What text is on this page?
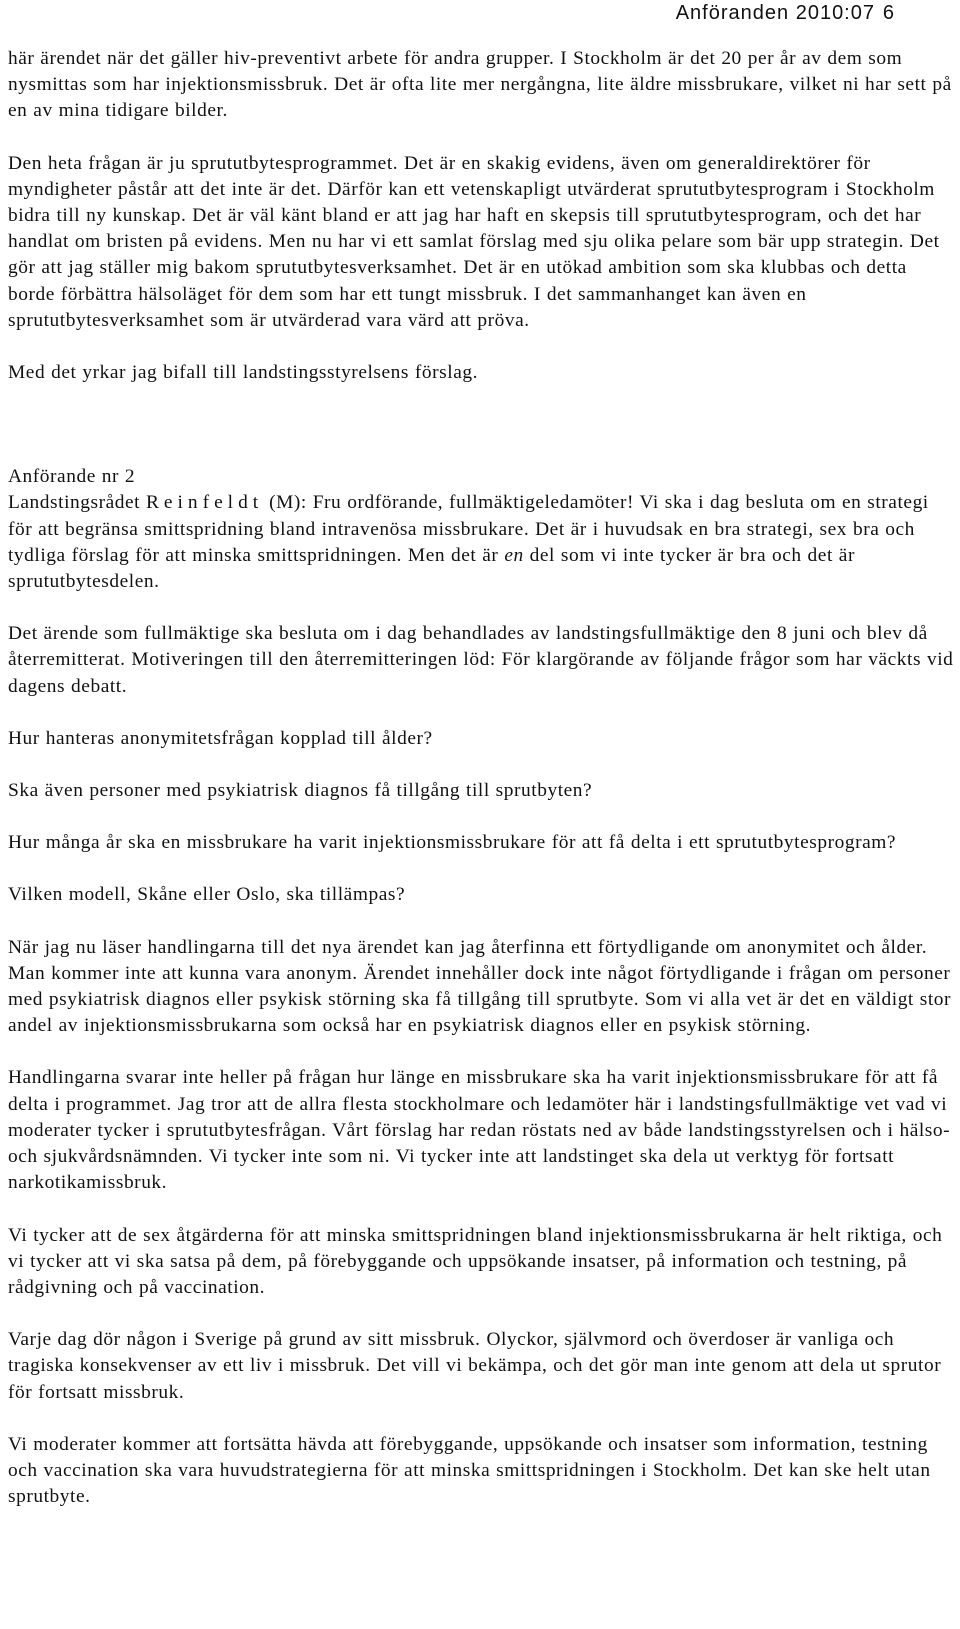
Anföranden 2010:07 6

här ärendet när det gäller hiv-preventivt arbete för andra grupper. I Stockholm är det 20 per år av dem som nysmittas som har injektionsmissbruk. Det är ofta lite mer nergångna, lite äldre missbrukare, vilket ni har sett på en av mina tidigare bilder.

Den heta frågan är ju sprututbytesprogrammet. Det är en skakig evidens, även om generaldirektörer för myndigheter påstår att det inte är det. Därför kan ett vetenskapligt utvärderat sprututbytesprogram i Stockholm bidra till ny kunskap. Det är väl känt bland er att jag har haft en skepsis till sprututbytesprogram, och det har handlat om bristen på evidens. Men nu har vi ett samlat förslag med sju olika pelare som bär upp strategin. Det gör att jag ställer mig bakom sprututbytesverksamhet. Det är en utökad ambition som ska klubbas och detta borde förbättra hälsoläget för dem som har ett tungt missbruk. I det sammanhanget kan även en sprututbytesverksamhet som är utvärderad vara värd att pröva.

Med det yrkar jag bifall till landstingsstyrelsens förslag.

Anförande nr 2

Landstingsrådet Reinfeldt (M): Fru ordförande, fullmäktigeledamöter! Vi ska i dag besluta om en strategi för att begränsa smittspridning bland intravenösa missbrukare. Det är i huvudsak en bra strategi, sex bra och tydliga förslag för att minska smittspridningen. Men det är en del som vi inte tycker är bra och det är sprututbytesdelen.

Det ärende som fullmäktige ska besluta om i dag behandlades av landstingsfullmäktige den 8 juni och blev då återremitterat. Motiveringen till den återremitteringen löd: För klargörande av följande frågor som har väckts vid dagens debatt.

Hur hanteras anonymitetsfrågan kopplad till ålder?

Ska även personer med psykiatrisk diagnos få tillgång till sprutbyten?

Hur många år ska en missbrukare ha varit injektionsmissbrukare för att få delta i ett sprututbytesprogram?

Vilken modell, Skåne eller Oslo, ska tillämpas?

När jag nu läser handlingarna till det nya ärendet kan jag återfinna ett förtydligande om anonymitet och ålder. Man kommer inte att kunna vara anonym. Ärendet innehåller dock inte något förtydligande i frågan om personer med psykiatrisk diagnos eller psykisk störning ska få tillgång till sprutbyte. Som vi alla vet är det en väldigt stor andel av injektionsmissbrukarna som också har en psykiatrisk diagnos eller en psykisk störning.

Handlingarna svarar inte heller på frågan hur länge en missbrukare ska ha varit injektionsmissbrukare för att få delta i programmet. Jag tror att de allra flesta stockholmare och ledamöter här i landstingsfullmäktige vet vad vi moderater tycker i sprututbytesfrågan. Vårt förslag har redan röstats ned av både landstingsstyrelsen och i hälso- och sjukvårdsnämnden. Vi tycker inte som ni. Vi tycker inte att landstinget ska dela ut verktyg för fortsatt narkotikamissbruk.

Vi tycker att de sex åtgärderna för att minska smittspridningen bland injektionsmissbrukarna är helt riktiga, och vi tycker att vi ska satsa på dem, på förebyggande och uppsökande insatser, på information och testning, på rådgivning och på vaccination.

Varje dag dör någon i Sverige på grund av sitt missbruk. Olyckor, självmord och överdoser är vanliga och tragiska konsekvenser av ett liv i missbruk. Det vill vi bekämpa, och det gör man inte genom att dela ut sprutor för fortsatt missbruk.

Vi moderater kommer att fortsätta hävda att förebyggande, uppsökande och insatser som information, testning och vaccination ska vara huvudstrategierna för att minska smittspridningen i Stockholm. Det kan ske helt utan sprutbyte.
